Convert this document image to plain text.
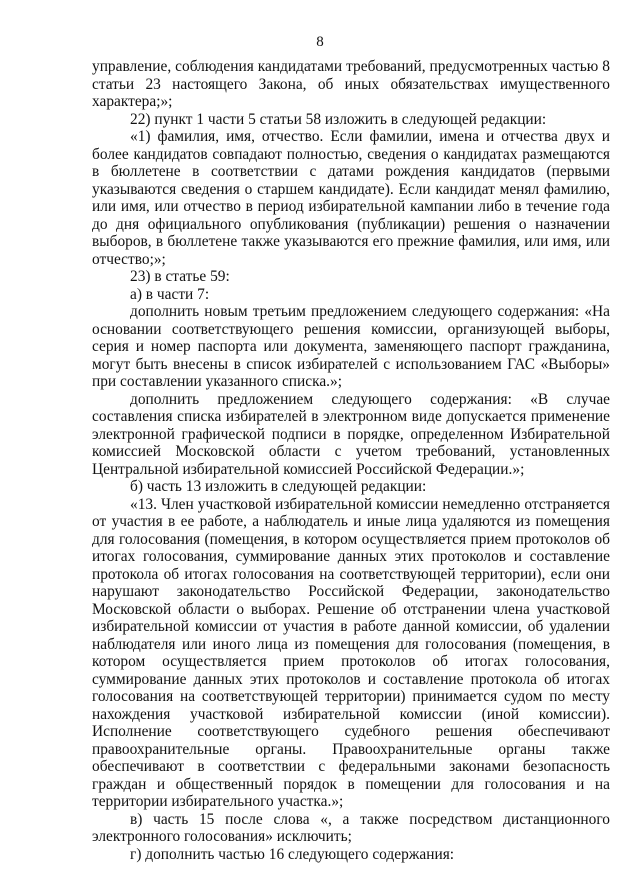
8

управление, соблюдения кандидатами требований, предусмотренных частью 8 статьи 23 настоящего Закона, об иных обязательствах имущественного характера;»;

22) пункт 1 части 5 статьи 58 изложить в следующей редакции:

«1) фамилия, имя, отчество. Если фамилии, имена и отчества двух и более кандидатов совпадают полностью, сведения о кандидатах размещаются в бюллетене в соответствии с датами рождения кандидатов (первыми указываются сведения о старшем кандидате). Если кандидат менял фамилию, или имя, или отчество в период избирательной кампании либо в течение года до дня официального опубликования (публикации) решения о назначении выборов, в бюллетене также указываются его прежние фамилия, или имя, или отчество;»;

23) в статье 59:

а) в части 7:

дополнить новым третьим предложением следующего содержания: «На основании соответствующего решения комиссии, организующей выборы, серия и номер паспорта или документа, заменяющего паспорт гражданина, могут быть внесены в список избирателей с использованием ГАС «Выборы» при составлении указанного списка.»;

дополнить предложением следующего содержания: «В случае составления списка избирателей в электронном виде допускается применение электронной графической подписи в порядке, определенном Избирательной комиссией Московской области с учетом требований, установленных Центральной избирательной комиссией Российской Федерации.»;

б) часть 13 изложить в следующей редакции:

«13. Член участковой избирательной комиссии немедленно отстраняется от участия в ее работе, а наблюдатель и иные лица удаляются из помещения для голосования (помещения, в котором осуществляется прием протоколов об итогах голосования, суммирование данных этих протоколов и составление протокола об итогах голосования на соответствующей территории), если они нарушают законодательство Российской Федерации, законодательство Московской области о выборах. Решение об отстранении члена участковой избирательной комиссии от участия в работе данной комиссии, об удалении наблюдателя или иного лица из помещения для голосования (помещения, в котором осуществляется прием протоколов об итогах голосования, суммирование данных этих протоколов и составление протокола об итогах голосования на соответствующей территории) принимается судом по месту нахождения участковой избирательной комиссии (иной комиссии). Исполнение соответствующего судебного решения обеспечивают правоохранительные органы. Правоохранительные органы также обеспечивают в соответствии с федеральными законами безопасность граждан и общественный порядок в помещении для голосования и на территории избирательного участка.»;

в) часть 15 после слова «, а также посредством дистанционного электронного голосования» исключить;

г) дополнить частью 16 следующего содержания:
